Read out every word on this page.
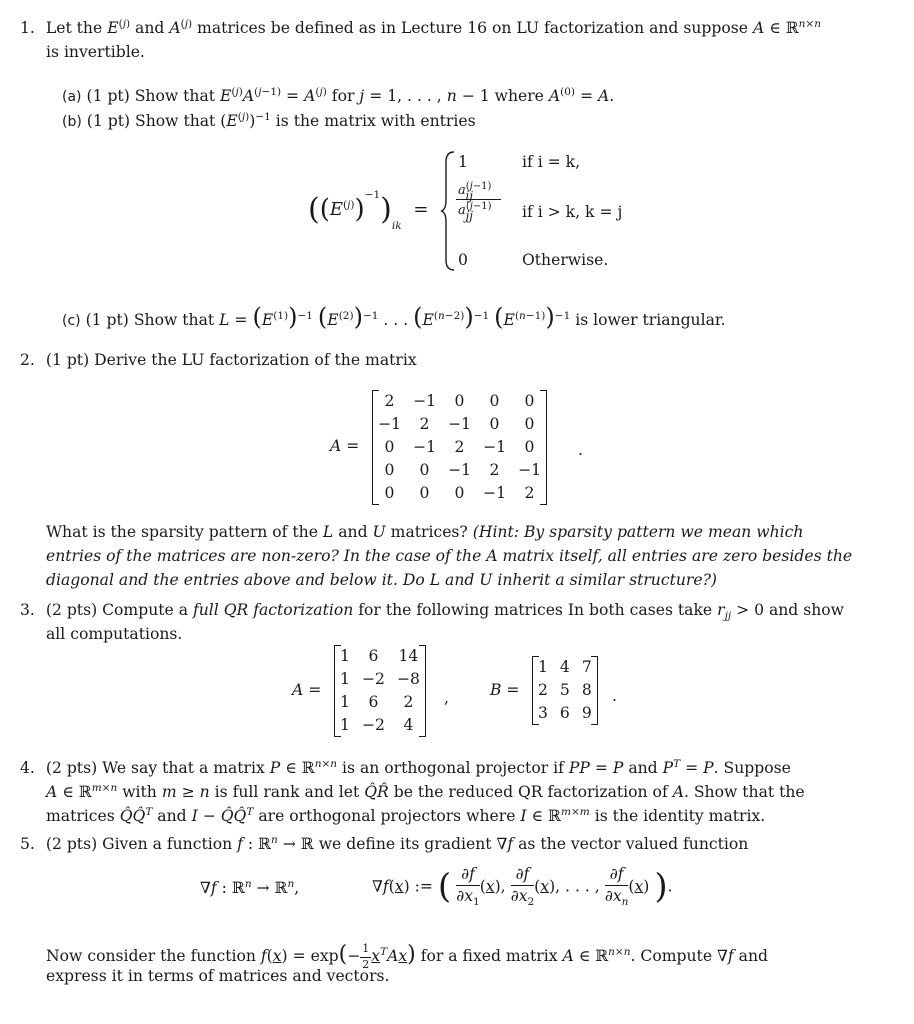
1. Let the $E^{(j)}$ and $A^{(j)}$ matrices be defined as in Lecture 16 on LU factorization and suppose A ∈ ℝ$^{n\times n}$
is invertible.
(a) (1 pt) Show that $E^{(j)}A^{(j-1)} = A^{(j)}$ for j = 1, . . . , n − 1 where $A^{(0)} = A$.
(b) (1 pt) Show that $(E^{(j)})^{-1}$ is the matrix with entries
$((E^{(j)})^{-1})_{ik}$ =
1	if i = k,
$\frac{a^{(j-1)}ij}{a^{(j-1)}jj}$ if i > k, k = j
0	Otherwise.
(c) (1 pt) Show that $L = (E^{(1)})^{-1}$ $(E^{(2)})^{-1}$ . . . $(E^{(n-2)})^{-1}$ $(E^{(n-1)})^{-1}$ is lower triangular.
2. (1 pt) Derive the LU factorization of the matrix
A =
2	−1	0	0	0
−1	2	−1	0	0
0	−1	2	−1	0
0	0	−1	2	−1
0	0	0	−1	2
.
What is the sparsity pattern of the L and U matrices? (Hint: By sparsity pattern we mean which
entries of the matrices are non-zero? In the case of the A matrix itself, all entries are zero besides the
diagonal and the entries above and below it. Do L and U inherit a similar structure?)
3. (2 pts) Compute a full QR factorization for the following matrices In both cases take $r_{jj} > 0$ and show
all computations.
A =
1	6	14
1	−2	−8
1	6	2
1	−2	4
,	B =
1	4	7
2	5	8
3	6	9
.
4. (2 pts) We say that a matrix P ∈ ℝ$^{n\times n}$ is an orthogonal projector if PP = P and $P^T = P$. Suppose
A ∈ ℝ$^{m\times n}$ with m ≥ n is full rank and let Q̂R̂ be the reduced QR factorization of A. Show that the
matrices Q̂Q̂$^T$ and I − Q̂Q̂$^T$ are orthogonal projectors where I ∈ ℝ$^{m\times m}$ is the identity matrix.
5. (2 pts) Given a function f : ℝ$^n$ → ℝ we define its gradient ∇f as the vector valued function
∇f : ℝ$^n$ → ℝ$^n$,	∇f(x) := ( $\frac{\partial f}{\partial x_1} (x)$, $\frac{\partial f}{\partial x_2} (x)$, . . . , $\frac{\partial f}{\partial x_n} (x)$ ).
Now consider the function $f(x) = \exp(- \frac{1}{2} x^TAx)$ for a fixed matrix A ∈ ℝ$^{n\times n}$. Compute ∇f and
express it in terms of matrices and vectors.
